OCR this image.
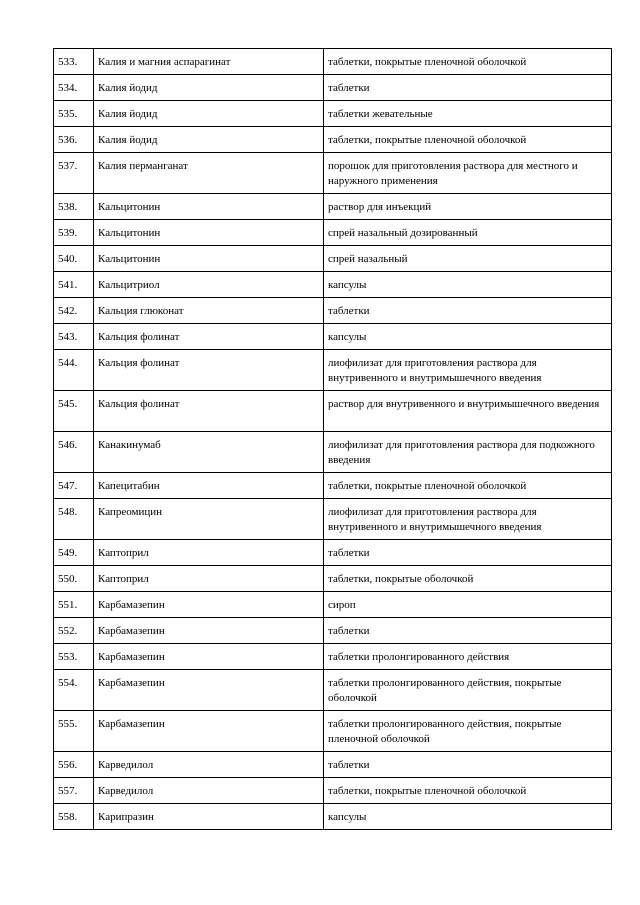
533.	Калия и магния аспарагинат	таблетки, покрытые пленочной оболочкой
534.	Калия йодид	таблетки
535.	Калия йодид	таблетки жевательные
536.	Калия йодид	таблетки, покрытые пленочной оболочкой
537.	Калия перманганат	порошок для приготовления раствора для местного и наружного применения
538.	Кальцитонин	раствор для инъекций
539.	Кальцитонин	спрей назальный дозированный
540.	Кальцитонин	спрей назальный
541.	Кальцитриол	капсулы
542.	Кальция глюконат	таблетки
543.	Кальция фолинат	капсулы
544.	Кальция фолинат	лиофилизат для приготовления раствора для внутривенного и внутримышечного введения
545.	Кальция фолинат	раствор для внутривенного и внутримышечного введения
546.	Канакинумаб	лиофилизат для приготовления раствора для подкожного введения
547.	Капецитабин	таблетки, покрытые пленочной оболочкой
548.	Капреомицин	лиофилизат для приготовления раствора для внутривенного и внутримышечного введения
549.	Каптоприл	таблетки
550.	Каптоприл	таблетки, покрытые оболочкой
551.	Карбамазепин	сироп
552.	Карбамазепин	таблетки
553.	Карбамазепин	таблетки пролонгированного действия
554.	Карбамазепин	таблетки пролонгированного действия, покрытые оболочкой
555.	Карбамазепин	таблетки пролонгированного действия, покрытые пленочной оболочкой
556.	Карведилол	таблетки
557.	Карведилол	таблетки, покрытые пленочной оболочкой
558.	Карипразин	капсулы
